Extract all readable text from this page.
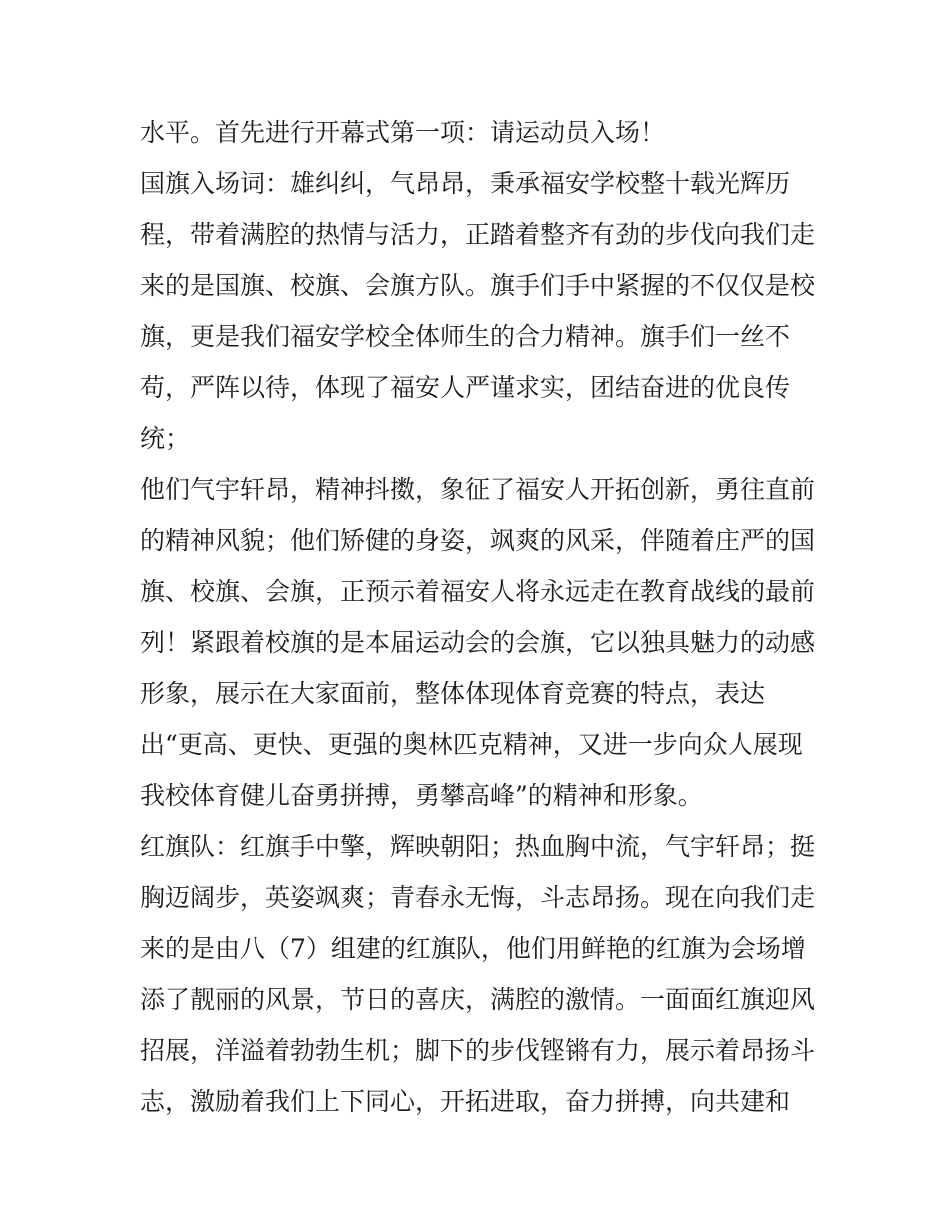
水平。首先进行开幕式第一项：请运动员入场！
国旗入场词：雄纠纠，气昂昂，秉承福安学校整十载光辉历
程，带着满腔的热情与活力，正踏着整齐有劲的步伐向我们走
来的是国旗、校旗、会旗方队。旗手们手中紧握的不仅仅是校
旗，更是我们福安学校全体师生的合力精神。旗手们一丝不
苟，严阵以待，体现了福安人严谨求实，团结奋进的优良传
统；
他们气宇轩昂，精神抖擞，象征了福安人开拓创新，勇往直前
的精神风貌；他们矫健的身姿，飒爽的风采，伴随着庄严的国
旗、校旗、会旗，正预示着福安人将永远走在教育战线的最前
列！紧跟着校旗的是本届运动会的会旗，它以独具魅力的动感
形象，展示在大家面前，整体体现体育竞赛的特点，表达
出“更高、更快、更强的奥林匹克精神，又进一步向众人展现
我校体育健儿奋勇拼搏，勇攀高峰”的精神和形象。
红旗队：红旗手中擎，辉映朝阳；热血胸中流，气宇轩昂；挺
胸迈阔步，英姿飒爽；青春永无悔，斗志昂扬。现在向我们走
来的是由八（7）组建的红旗队，他们用鲜艳的红旗为会场增
添了靓丽的风景，节日的喜庆，满腔的激情。一面面红旗迎风
招展，洋溢着勃勃生机；脚下的步伐铿锵有力，展示着昂扬斗
志，激励着我们上下同心，开拓进取，奋力拼搏，向共建和
